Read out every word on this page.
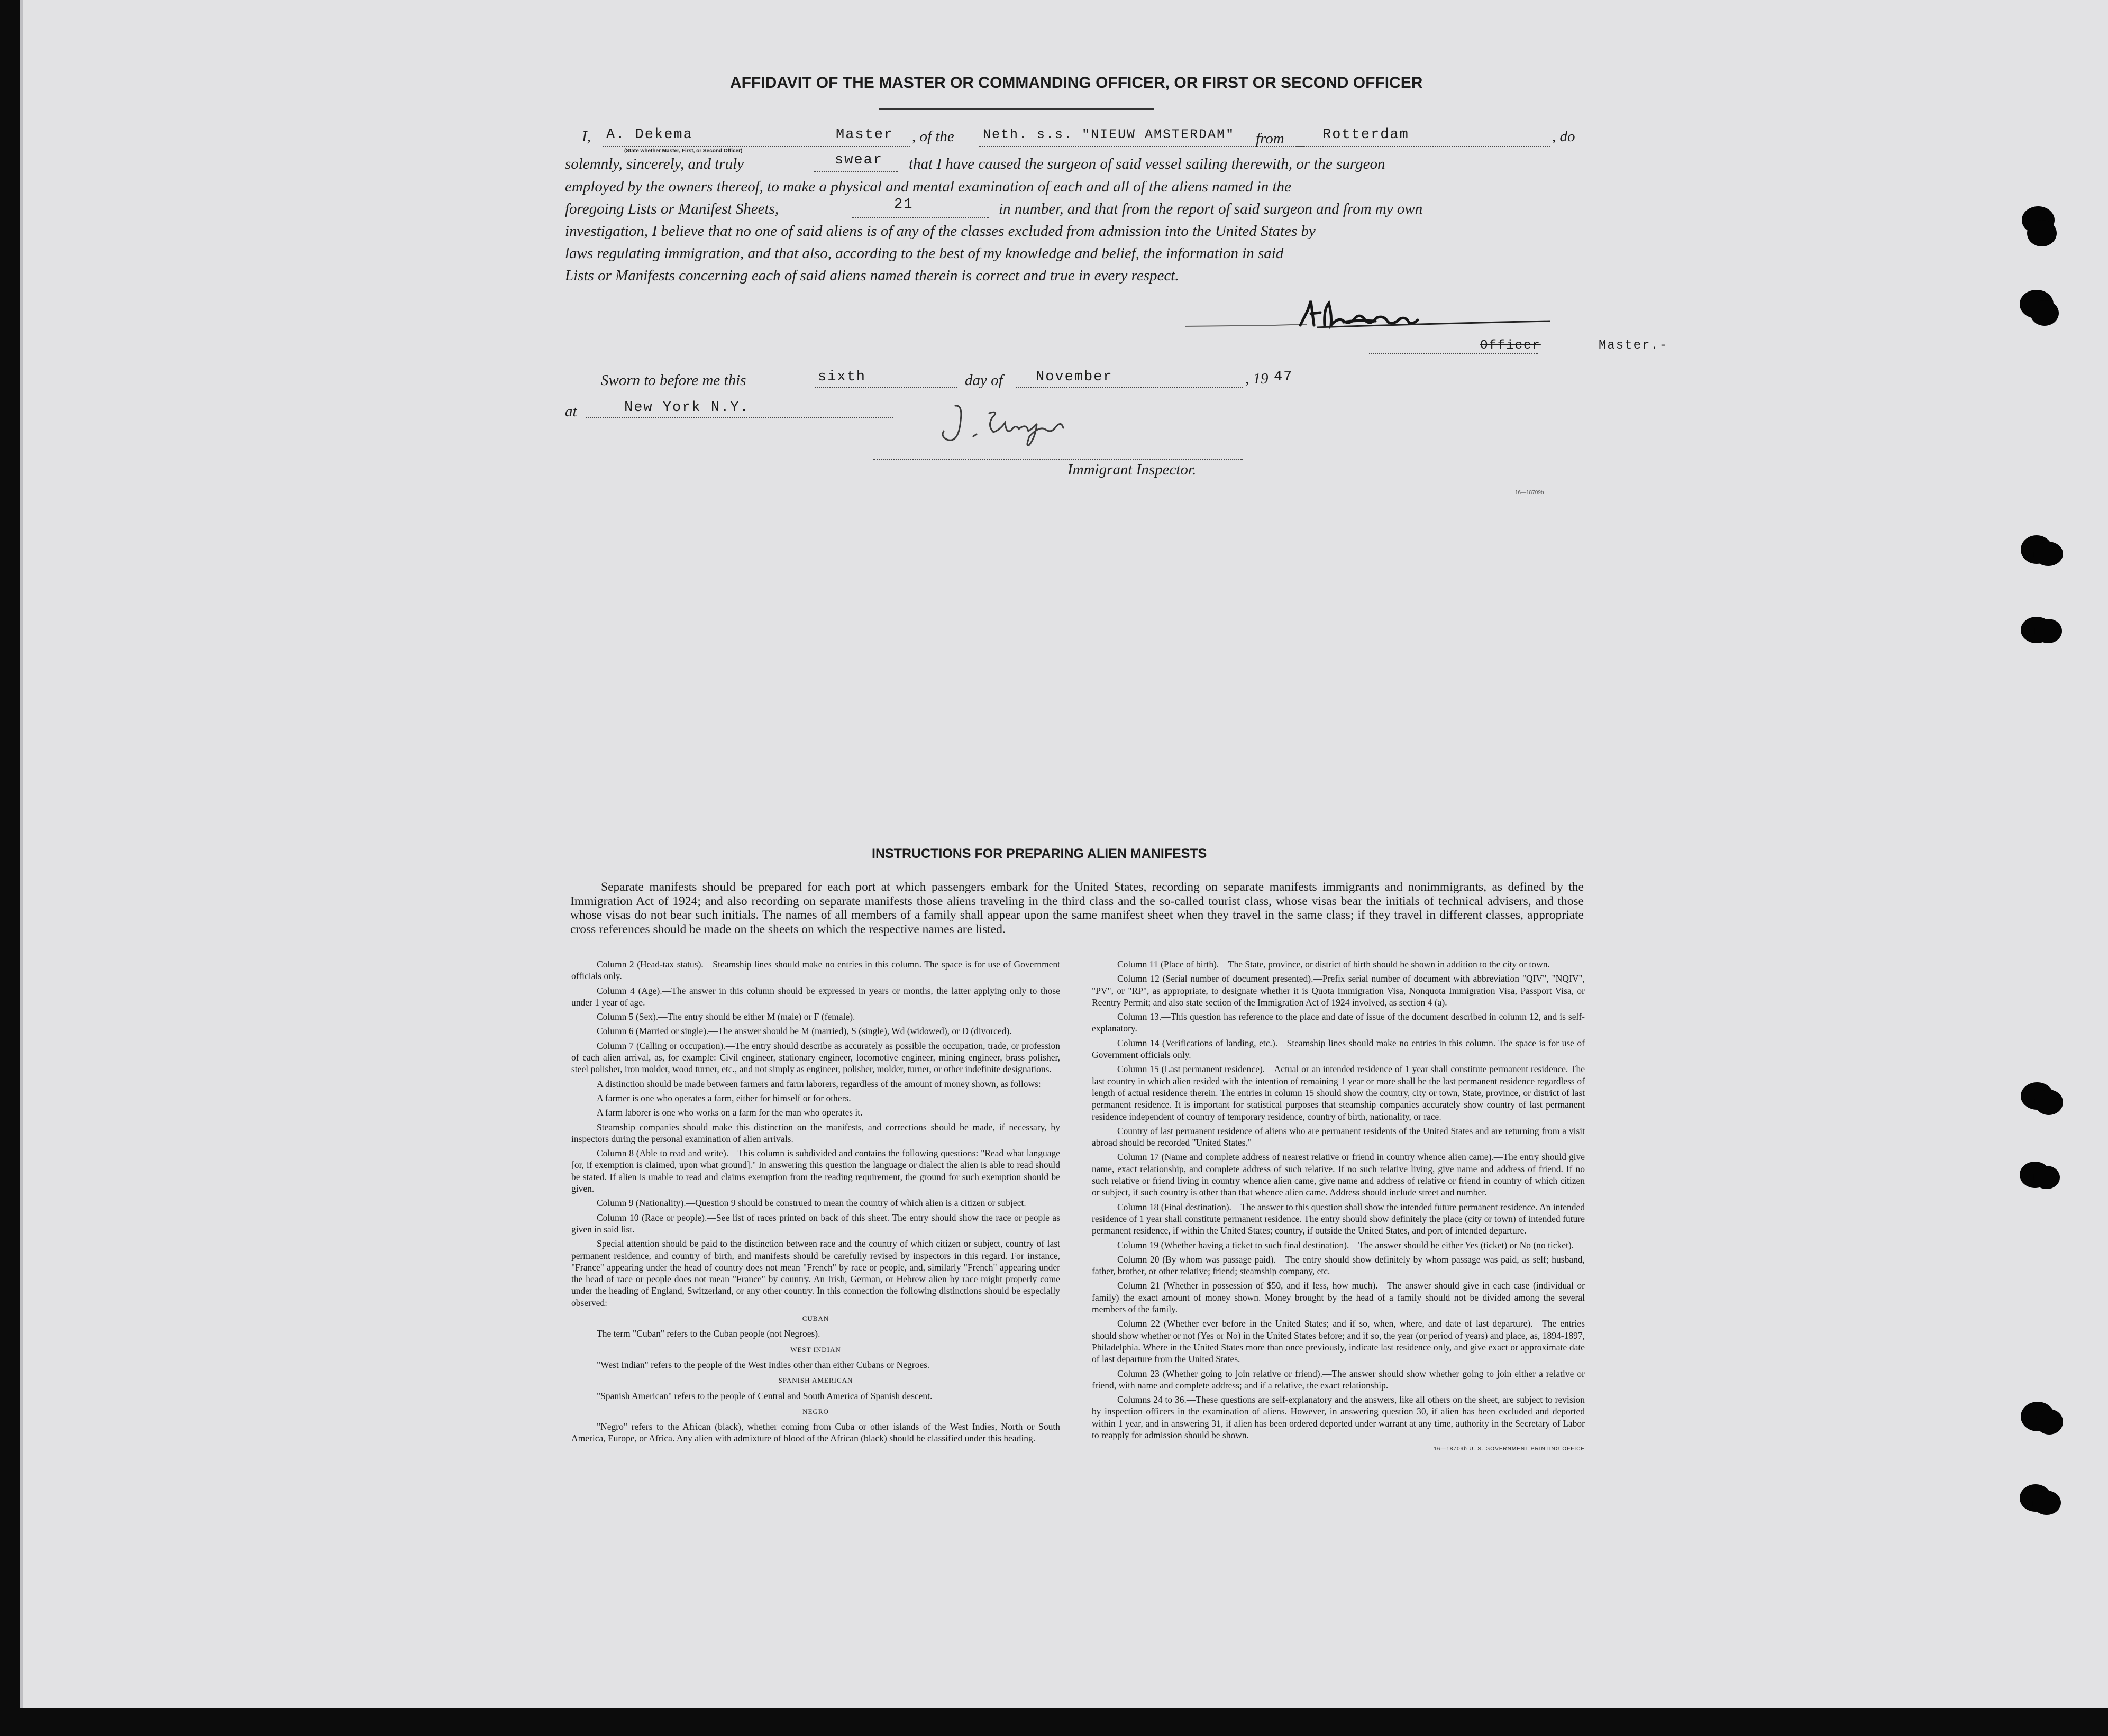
AFFIDAVIT OF THE MASTER OR COMMANDING OFFICER, OR FIRST OR SECOND OFFICER
I, A. Dekema	Master , of the Neth. s.s. "NIEUW AMSTERDAM" from	Rotterdam	, do
(State whether Master, First, or Second Officer)
solemnly, sincerely, and truly	swear that I have caused the surgeon of said vessel sailing therewith, or the surgeon
employed by the owners thereof, to make a physical and mental examination of each and all of the aliens named in the
foregoing Lists or Manifest Sheets,	21	in number, and that from the report of said surgeon and from my own
investigation, I believe that no one of said aliens is of any of the classes excluded from admission into the United States by
laws regulating immigration, and that also, according to the best of my knowledge and belief, the information in said
Lists or Manifests concerning each of said aliens named therein is correct and true in every respect.
Officer	Master.-
Sworn to before me this	sixth	day of November	, 19 47
at	New York N.Y.
Immigrant Inspector.
16—18709b
INSTRUCTIONS FOR PREPARING ALIEN MANIFESTS

Separate manifests should be prepared for each port at which passengers embark for the United States, recording on separate manifests immigrants and nonimmigrants, as defined by the Immigration Act of 1924; and also recording on separate manifests those aliens traveling in the third class and the so-called tourist class, whose visas bear the initials of technical advisers, and those whose visas do not bear such initials. The names of all members of a family shall appear upon the same manifest sheet when they travel in the same class; if they travel in different classes, appropriate cross references should be made on the sheets on which the respective names are listed.

Column 2 (Head-tax status).—Steamship lines should make no entries in this column. The space is for use of Government officials only.

Column 4 (Age).—The answer in this column should be expressed in years or months, the latter applying only to those under 1 year of age.

Column 5 (Sex).—The entry should be either M (male) or F (female).

Column 6 (Married or single).—The answer should be M (married), S (single), Wd (widowed), or D (divorced).

Column 7 (Calling or occupation).—The entry should describe as accurately as possible the occupation, trade, or profession of each alien arrival, as, for example: Civil engineer, stationary engineer, locomotive engineer, mining engineer, brass polisher, steel polisher, iron molder, wood turner, etc., and not simply as engineer, polisher, molder, turner, or other indefinite designations.

A distinction should be made between farmers and farm laborers, regardless of the amount of money shown, as follows:

A farmer is one who operates a farm, either for himself or for others.

A farm laborer is one who works on a farm for the man who operates it.

Steamship companies should make this distinction on the manifests, and corrections should be made, if necessary, by inspectors during the personal examination of alien arrivals.

Column 8 (Able to read and write).—This column is subdivided and contains the following questions: "Read what language [or, if exemption is claimed, upon what ground]." In answering this question the language or dialect the alien is able to read should be stated. If alien is unable to read and claims exemption from the reading requirement, the ground for such exemption should be given.

Column 9 (Nationality).—Question 9 should be construed to mean the country of which alien is a citizen or subject.

Column 10 (Race or people).—See list of races printed on back of this sheet. The entry should show the race or people as given in said list.

Special attention should be paid to the distinction between race and the country of which citizen or subject, country of last permanent residence, and country of birth, and manifests should be carefully revised by inspectors in this regard. For instance, "France" appearing under the head of country does not mean "French" by race or people, and, similarly "French" appearing under the head of race or people does not mean "France" by country. An Irish, German, or Hebrew alien by race might properly come under the heading of England, Switzerland, or any other country. In this connection the following distinctions should be especially observed:

CUBAN

The term "Cuban" refers to the Cuban people (not Negroes).

WEST INDIAN

"West Indian" refers to the people of the West Indies other than either Cubans or Negroes.

SPANISH AMERICAN

"Spanish American" refers to the people of Central and South America of Spanish descent.

NEGRO

"Negro" refers to the African (black), whether coming from Cuba or other islands of the West Indies, North or South America, Europe, or Africa. Any alien with admixture of blood of the African (black) should be classified under this heading.

Column 11 (Place of birth).—The State, province, or district of birth should be shown in addition to the city or town.

Column 12 (Serial number of document presented).—Prefix serial number of document with abbreviation "QIV", "NQIV", "PV", or "RP", as appropriate, to designate whether it is Quota Immigration Visa, Nonquota Immigration Visa, Passport Visa, or Reentry Permit; and also state section of the Immigration Act of 1924 involved, as section 4 (a).

Column 13.—This question has reference to the place and date of issue of the document described in column 12, and is self-explanatory.

Column 14 (Verifications of landing, etc.).—Steamship lines should make no entries in this column. The space is for use of Government officials only.

Column 15 (Last permanent residence).—Actual or an intended residence of 1 year shall constitute permanent residence. The last country in which alien resided with the intention of remaining 1 year or more shall be the last permanent residence regardless of length of actual residence therein. The entries in column 15 should show the country, city or town, State, province, or district of last permanent residence. It is important for statistical purposes that steamship companies accurately show country of last permanent residence independent of country of temporary residence, country of birth, nationality, or race.

Country of last permanent residence of aliens who are permanent residents of the United States and are returning from a visit abroad should be recorded "United States."

Column 17 (Name and complete address of nearest relative or friend in country whence alien came).—The entry should give name, exact relationship, and complete address of such relative. If no such relative living, give name and address of friend. If no such relative or friend living in country whence alien came, give name and address of relative or friend in country of which citizen or subject, if such country is other than that whence alien came. Address should include street and number.

Column 18 (Final destination).—The answer to this question shall show the intended future permanent residence. An intended residence of 1 year shall constitute permanent residence. The entry should show definitely the place (city or town) of intended future permanent residence, if within the United States; country, if outside the United States, and port of intended departure.

Column 19 (Whether having a ticket to such final destination).—The answer should be either Yes (ticket) or No (no ticket).

Column 20 (By whom was passage paid).—The entry should show definitely by whom passage was paid, as self; husband, father, brother, or other relative; friend; steamship company, etc.

Column 21 (Whether in possession of $50, and if less, how much).—The answer should give in each case (individual or family) the exact amount of money shown. Money brought by the head of a family should not be divided among the several members of the family.

Column 22 (Whether ever before in the United States; and if so, when, where, and date of last departure).—The entries should show whether or not (Yes or No) in the United States before; and if so, the year (or period of years) and place, as, 1894-1897, Philadelphia. Where in the United States more than once previously, indicate last residence only, and give exact or approximate date of last departure from the United States.

Column 23 (Whether going to join relative or friend).—The answer should show whether going to join either a relative or friend, with name and complete address; and if a relative, the exact relationship.

Columns 24 to 36.—These questions are self-explanatory and the answers, like all others on the sheet, are subject to revision by inspection officers in the examination of aliens. However, in answering question 30, if alien has been excluded and deported within 1 year, and in answering 31, if alien has been ordered deported under warrant at any time, authority in the Secretary of Labor to reapply for admission should be shown.

16—18709b U. S. GOVERNMENT PRINTING OFFICE
